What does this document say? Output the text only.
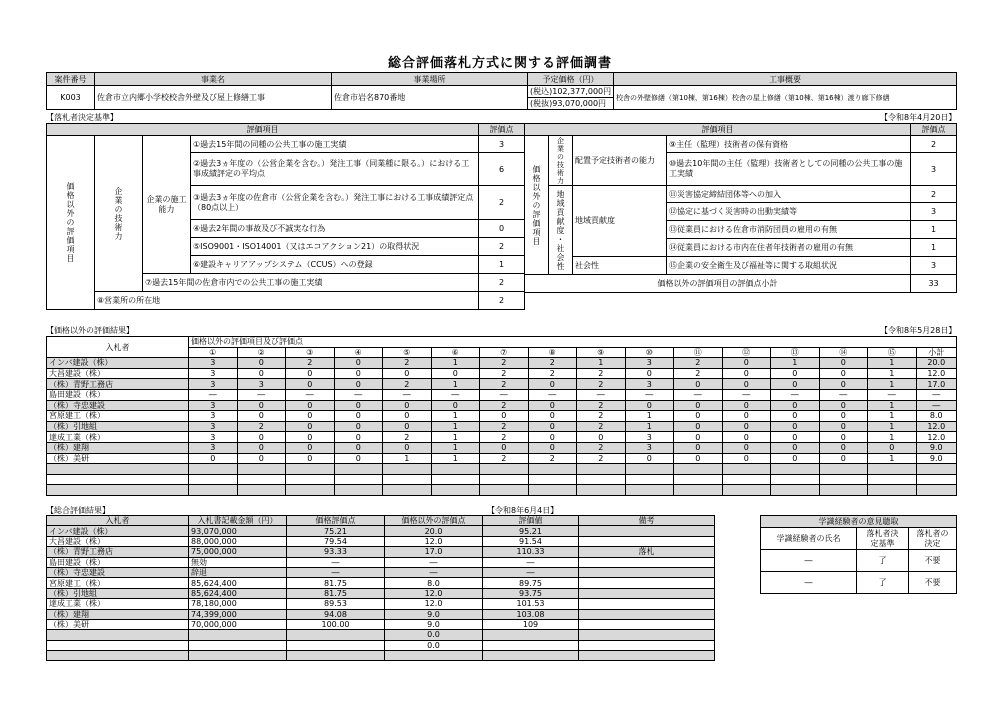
総合評価落札方式に関する評価調書
案件番号	事業名	事業場所	予定価格（円）	工事概要
K003	佐倉市立内郷小学校校舎外壁及び屋上修繕工事	佐倉市岩名870番地	(税込)102,377,000円	校舎の外壁修繕（第10棟、第16棟）校舎の屋上修繕（第10棟、第16棟）渡り廊下修繕
			(税抜)93,070,000円	
【落札者決定基準】	【令和8年4月20日】
評価項目				評価点
価格以外の評価項目	企業の技術力	企業の施工能力	①過去15年間の同種の公共工事の施工実績	3
			②過去3ヵ年度の（公営企業を含む。）発注工事（同業種に限る。）における工事成績評定の平均点	6
			③過去3ヵ年度の佐倉市（公営企業を含む。）発注工事における工事成績評定点（80点以上）	2
			④過去2年間の事故及び不誠実な行為	0
			⑤ISO9001・ISO14001（又はエコアクション21）の取得状況	2
			⑥建設キャリアアップシステム（CCUS）への登録	1
		⑦過去15年間の佐倉市内での公共工事の施工実績		2
	⑧営業所の所在地			2
評価項目				評価点
価格以外の評価項目	企業の技術力	配置予定技術者の能力	⑨主任（監理）技術者の保有資格	2
			⑩過去10年間の主任（監理）技術者としての同種の公共工事の施工実績	3
	地域貢献度・社会性	地域貢献度	⑪災害協定締結団体等への加入	2
			⑫協定に基づく災害時の出動実績等	3
			⑬従業員における佐倉市消防団員の雇用の有無	1
			⑭従業員における市内在住者年技術者の雇用の有無	1
		社会性	⑮企業の安全衛生及び福祉等に関する取組状況	3
価格以外の評価項目の評価点小計				33
【価格以外の評価結果】	【令和8年5月28日】
入札者	価格以外の評価項目及び評価点															
	①	②	③	④	⑤	⑥	⑦	⑧	⑨	⑩	⑪	⑫	⑬	⑭	⑮	小計
インバ建設（株）	3	0	2	0	2	1	2	2	1	3	2	0	1	0	1	20.0
大昌建設（株）	3	0	0	0	0	0	2	2	2	0	2	0	0	0	1	12.0
（株）青野工務店	3	3	0	0	2	1	2	0	2	3	0	0	0	0	1	17.0
島田建設（株）	―	―	―	―	―	―	―	―	―	―	―	―	―	―	―	―
（株）寺忠建設	3	0	0	0	0	0	2	0	2	0	0	0	0	0	1	―
宮原建工（株）	3	0	0	0	0	1	0	0	2	1	0	0	0	0	1	8.0
（株）引地組	3	2	0	0	0	1	2	0	2	1	0	0	0	0	1	12.0
達成工業（株）	3	0	0	0	2	1	2	0	0	3	0	0	0	0	1	12.0
（株）建翔	3	0	0	0	0	1	0	0	2	3	0	0	0	0	0	9.0
（株）美研	0	0	0	0	1	1	2	2	2	0	0	0	0	0	1	9.0

【総合評価結果】	【令和8年6月4日】
入札者	入札書記載金額（円）	価格評価点	価格以外の評価点	評価値	備考
インバ建設（株）	93,070,000	75.21	20.0	95.21	
大昌建設（株）	88,000,000	79.54	12.0	91.54	
（株）青野工務店	75,000,000	93.33	17.0	110.33	落札
島田建設（株）	無効	―	―	―	
（株）寺忠建設	辞退	―	―	―	
宮原建工（株）	85,624,400	81.75	8.0	89.75	
（株）引地組	85,624,400	81.75	12.0	93.75	
達成工業（株）	78,180,000	89.53	12.0	101.53	
（株）建翔	74,399,000	94.08	9.0	103.08	
（株）美研	70,000,000	100.00	9.0	109	
			0.0		
			0.0		

学識経験者の意見聴取		
学識経験者の氏名	落札者決定基準	落札者の決定
―	了	不要
―	了	不要
